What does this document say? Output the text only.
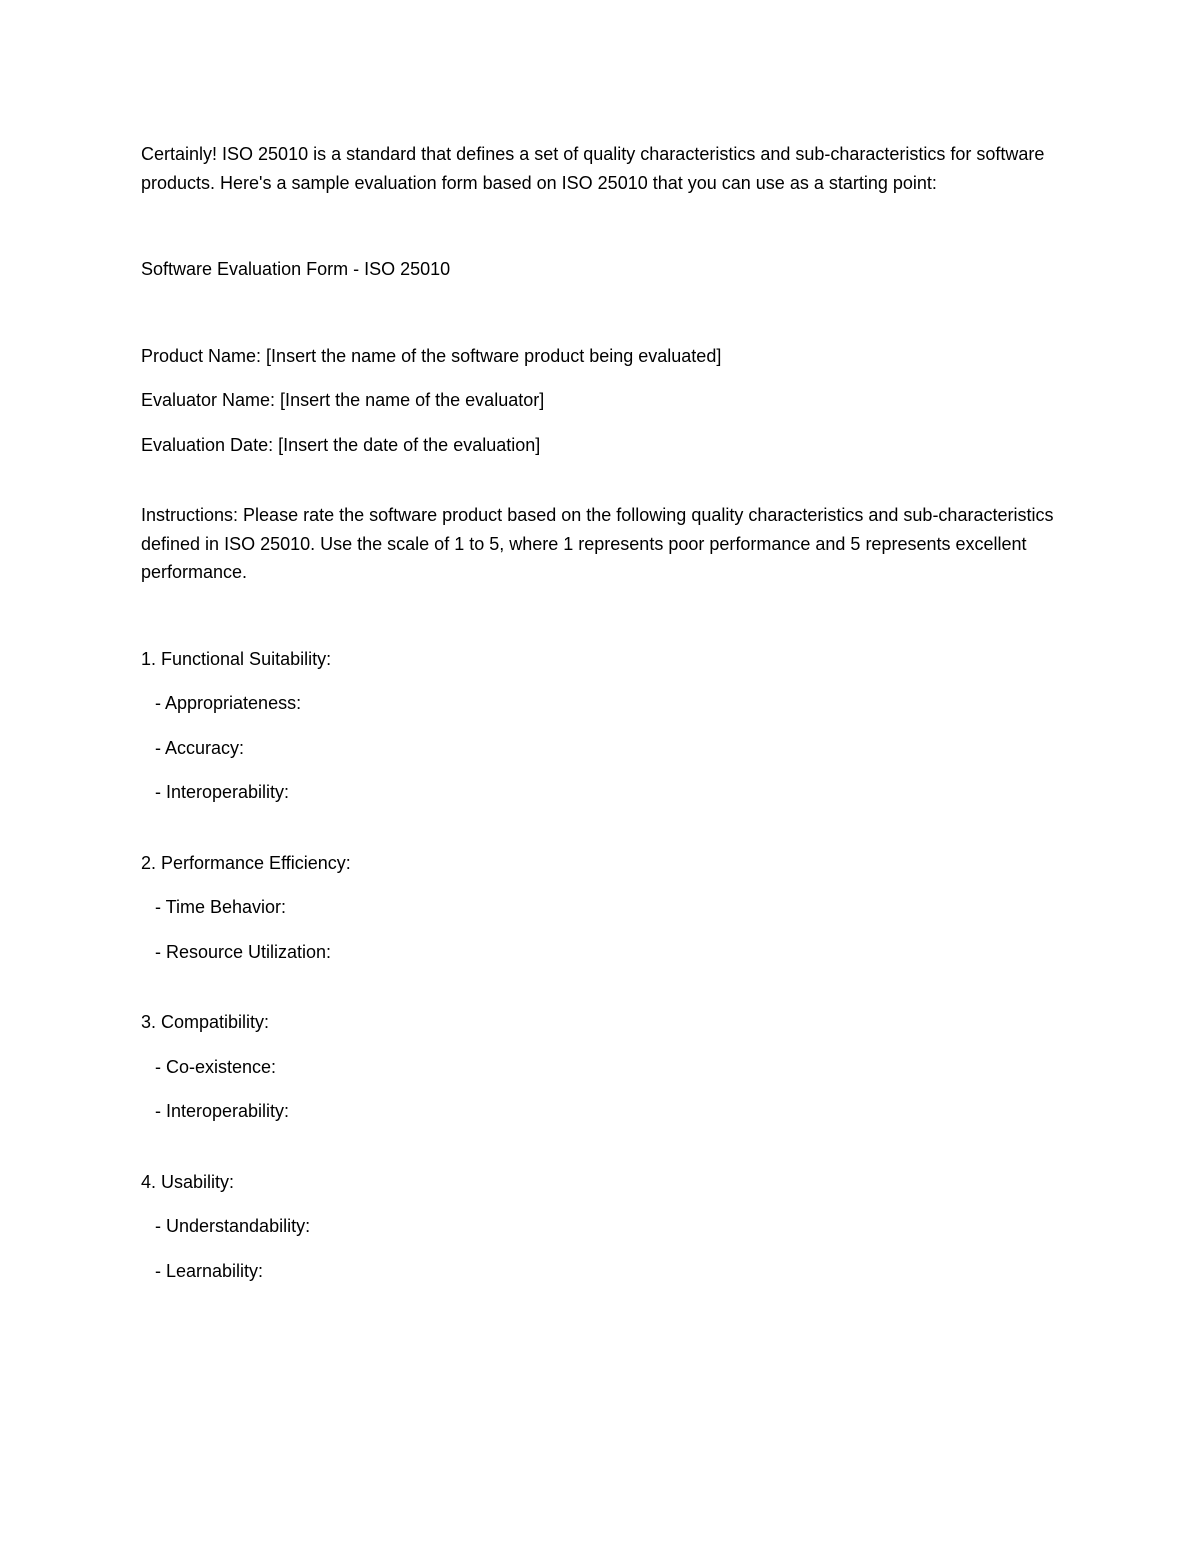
Certainly! ISO 25010 is a standard that defines a set of quality characteristics and sub-characteristics for software products. Here's a sample evaluation form based on ISO 25010 that you can use as a starting point:

Software Evaluation Form - ISO 25010

Product Name: [Insert the name of the software product being evaluated]

Evaluator Name: [Insert the name of the evaluator]

Evaluation Date: [Insert the date of the evaluation]

Instructions: Please rate the software product based on the following quality characteristics and sub-characteristics defined in ISO 25010. Use the scale of 1 to 5, where 1 represents poor performance and 5 represents excellent performance.

1. Functional Suitability:

- Appropriateness:

- Accuracy:

- Interoperability:

2. Performance Efficiency:

- Time Behavior:

- Resource Utilization:

3. Compatibility:

- Co-existence:

- Interoperability:

4. Usability:

- Understandability:

- Learnability:
